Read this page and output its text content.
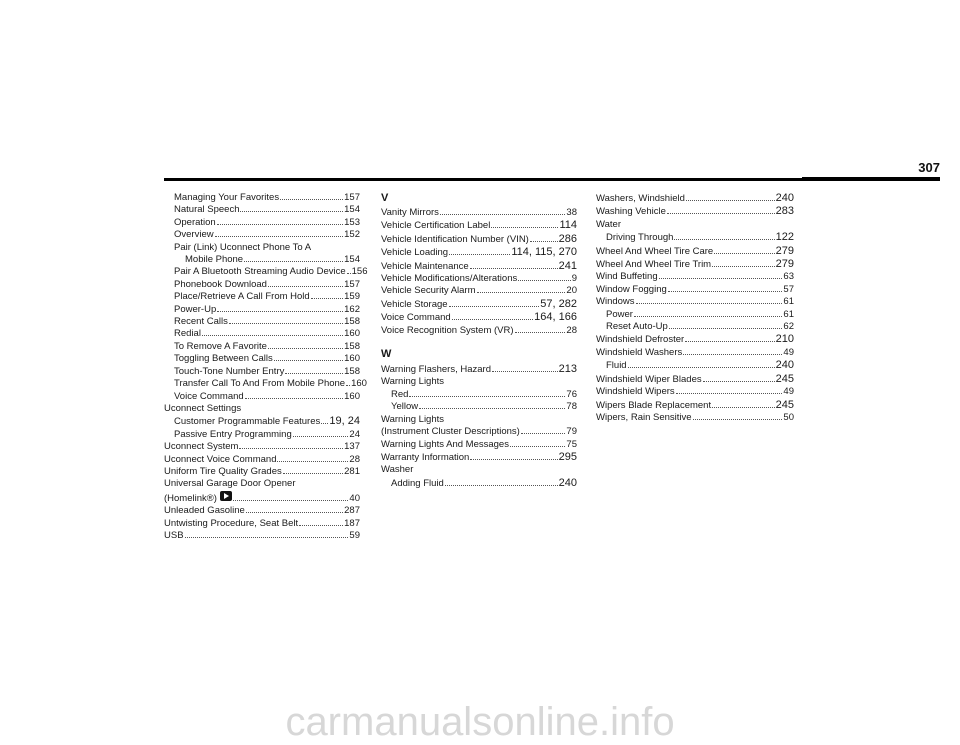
307
Managing Your Favorites	157
Natural Speech	154
Operation	153
Overview	152
Pair (Link) Uconnect Phone To A
Mobile Phone	154
Pair A Bluetooth Streaming Audio Device 156
Phonebook Download	157
Place/Retrieve A Call From Hold	159
Power-Up	162
Recent Calls	158
Redial	160
To Remove A Favorite	158
Toggling Between Calls	160
Touch-Tone Number Entry	158
Transfer Call To And From Mobile Phone 160
Voice Command	160
Uconnect Settings
Customer Programmable Features 19, 24
Passive Entry Programming	24
Uconnect System	137
Uconnect Voice Command	28
Uniform Tire Quality Grades	281
Universal Garage Door Opener
(Homelink®)	40
Unleaded Gasoline	287
Untwisting Procedure, Seat Belt	187
USB	59
V
Vanity Mirrors	38
Vehicle Certification Label	114
Vehicle Identification Number (VIN)	286
Vehicle Loading	114, 115, 270
Vehicle Maintenance	241
Vehicle Modifications/Alterations	9
Vehicle Security Alarm	20
Vehicle Storage	57, 282
Voice Command	164, 166
Voice Recognition System (VR)	28
W
Warning Flashers, Hazard	213
Warning Lights
Red	76
Yellow	78
Warning Lights
(Instrument Cluster Descriptions)	79
Warning Lights And Messages	75
Warranty Information	295
Washer
Adding Fluid	240
Washers, Windshield	240
Washing Vehicle	283
Water
Driving Through	122
Wheel And Wheel Tire Care	279
Wheel And Wheel Tire Trim	279
Wind Buffeting	63
Window Fogging	57
Windows	61
Power	61
Reset Auto-Up	62
Windshield Defroster	210
Windshield Washers	49
Fluid	240
Windshield Wiper Blades	245
Windshield Wipers	49
Wipers Blade Replacement	245
Wipers, Rain Sensitive	50
carmanualsonline.info
